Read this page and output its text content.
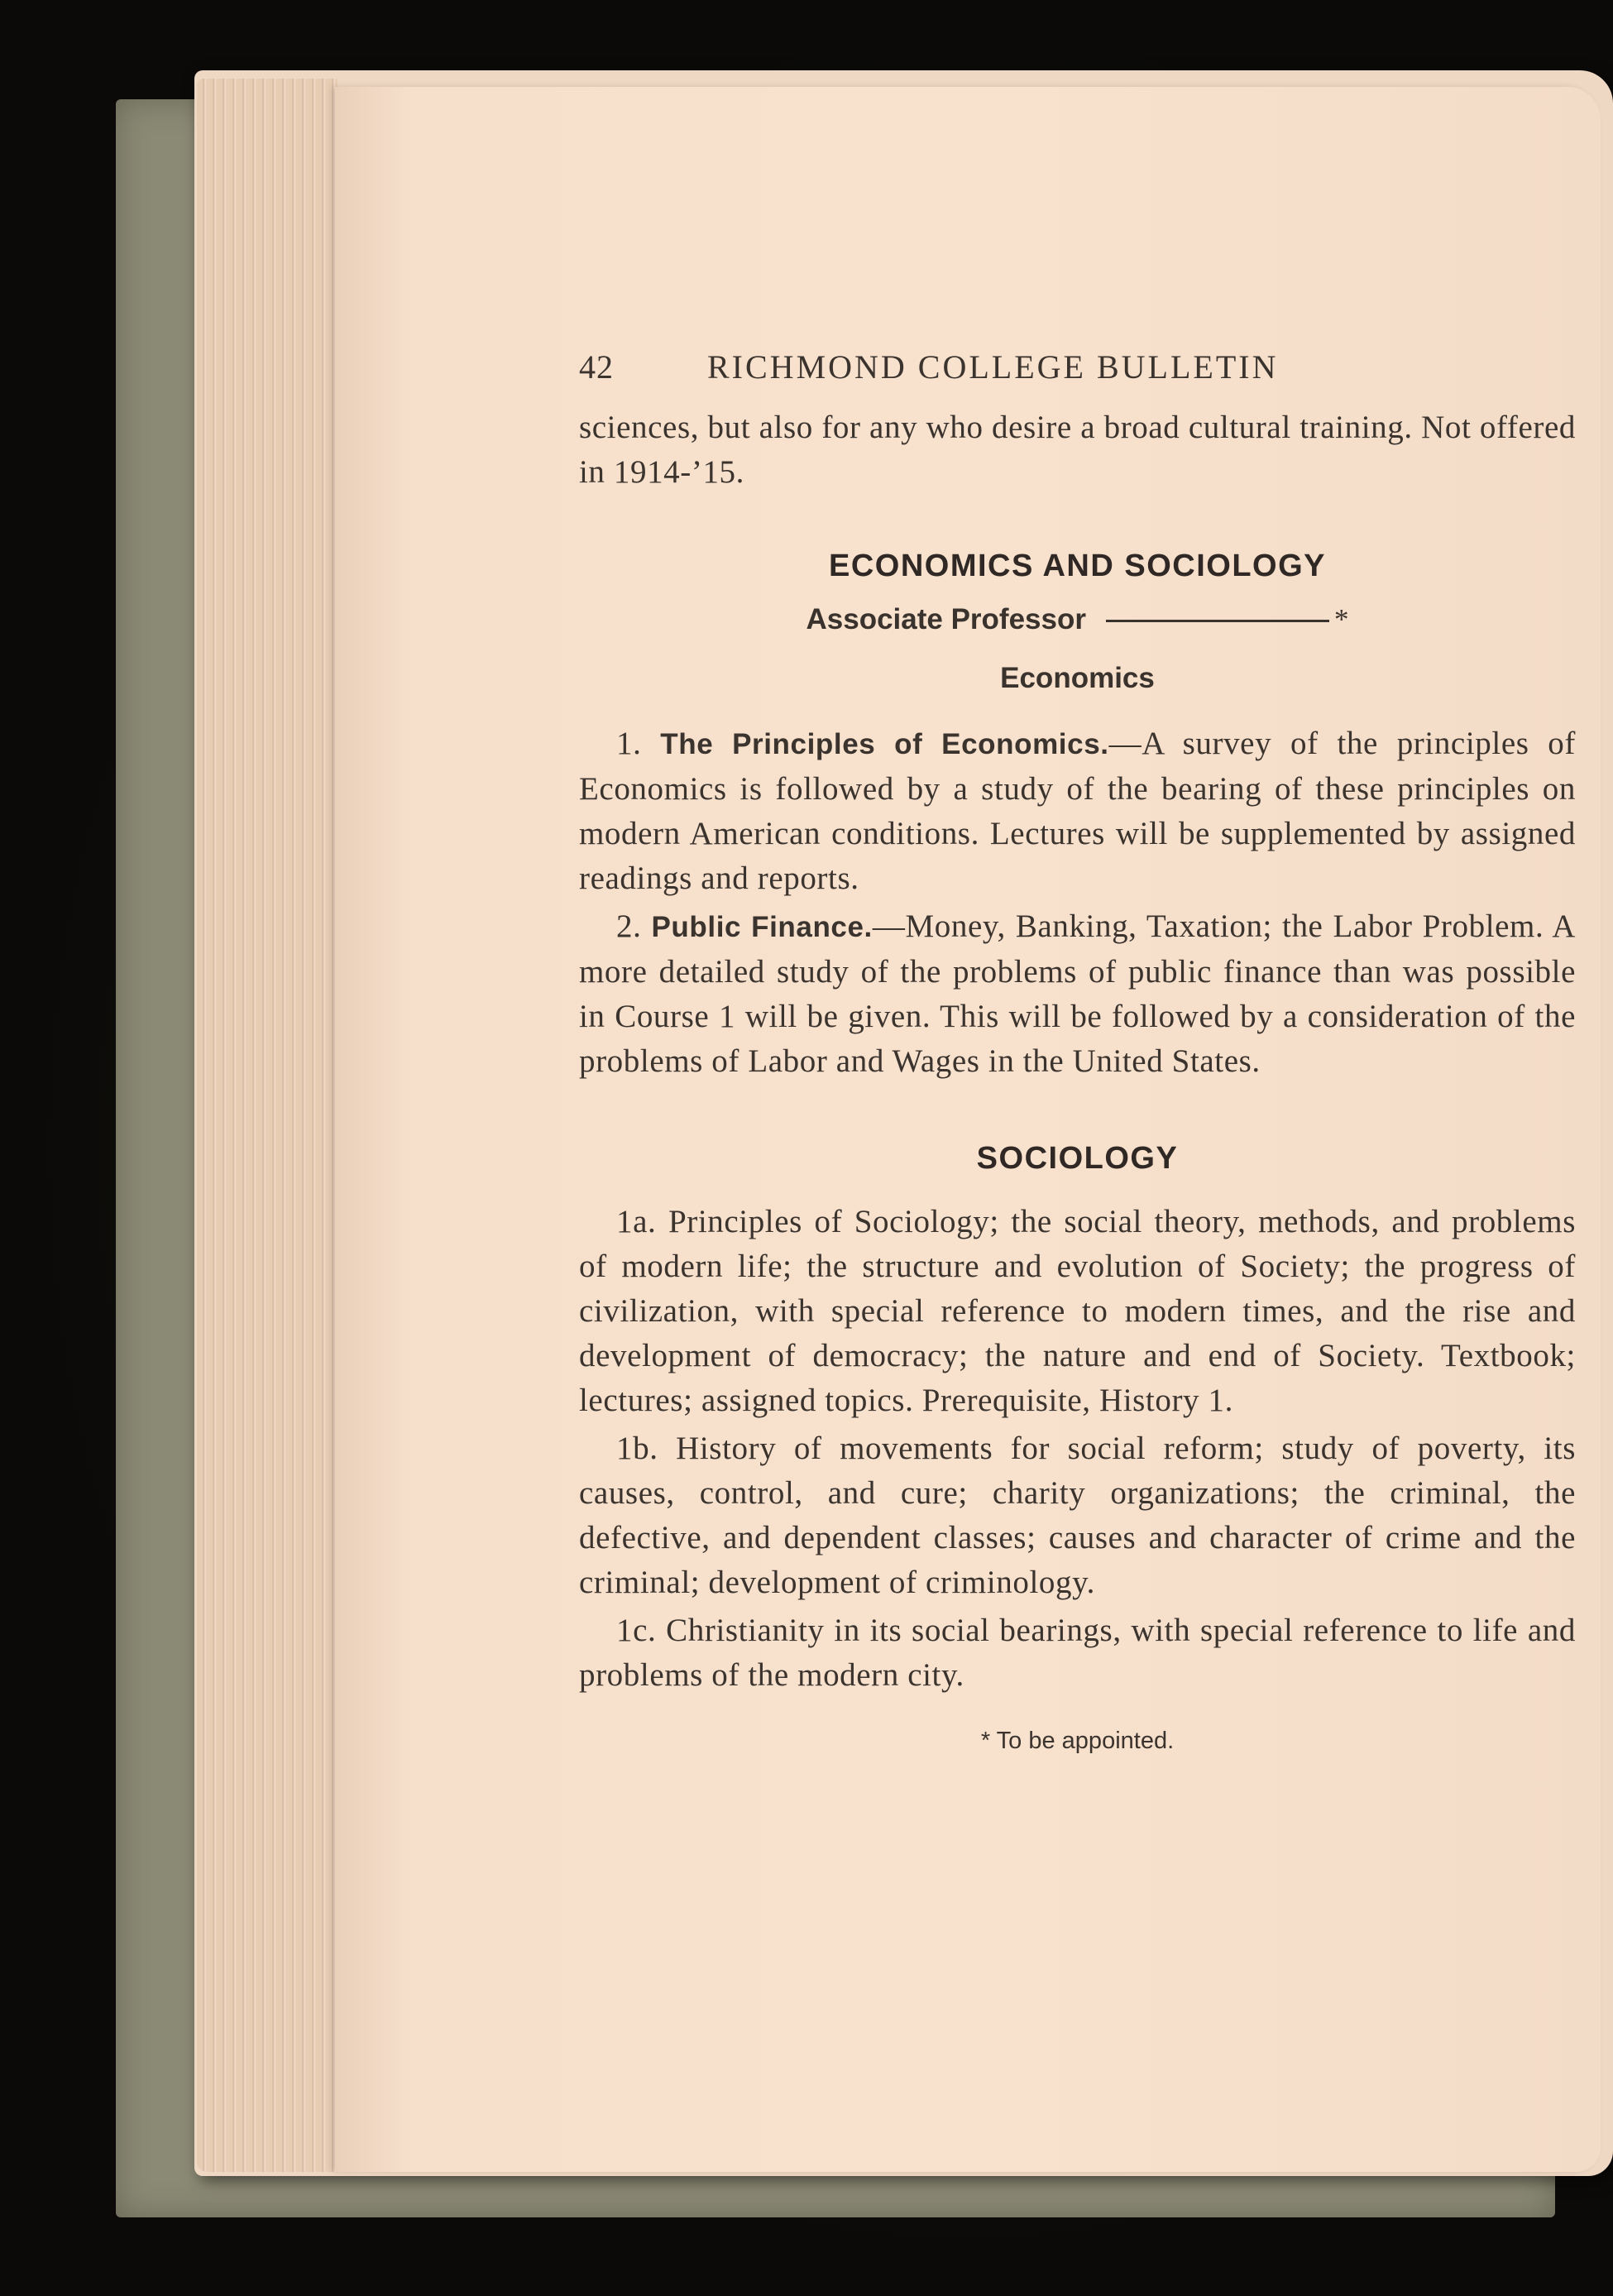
42	RICHMOND COLLEGE BULLETIN

sciences, but also for any who desire a broad cultural training. Not offered in 1914-’15.

ECONOMICS AND SOCIOLOGY
Associate Professor	*
Economics

1. The Principles of Economics.—A survey of the principles of Economics is followed by a study of the bearing of these principles on modern American conditions. Lectures will be supplemented by assigned readings and reports.

2. Public Finance.—Money, Banking, Taxation; the Labor Problem. A more detailed study of the problems of public finance than was possible in Course 1 will be given. This will be followed by a consideration of the problems of Labor and Wages in the United States.

SOCIOLOGY

1a. Principles of Sociology; the social theory, methods, and problems of modern life; the structure and evolution of Society; the progress of civilization, with special reference to modern times, and the rise and development of democracy; the nature and end of Society. Textbook; lectures; assigned topics. Prerequisite, History 1.

1b. History of movements for social reform; study of poverty, its causes, control, and cure; charity organizations; the criminal, the defective, and dependent classes; causes and character of crime and the criminal; development of criminology.

1c. Christianity in its social bearings, with special reference to life and problems of the modern city.

* To be appointed.
